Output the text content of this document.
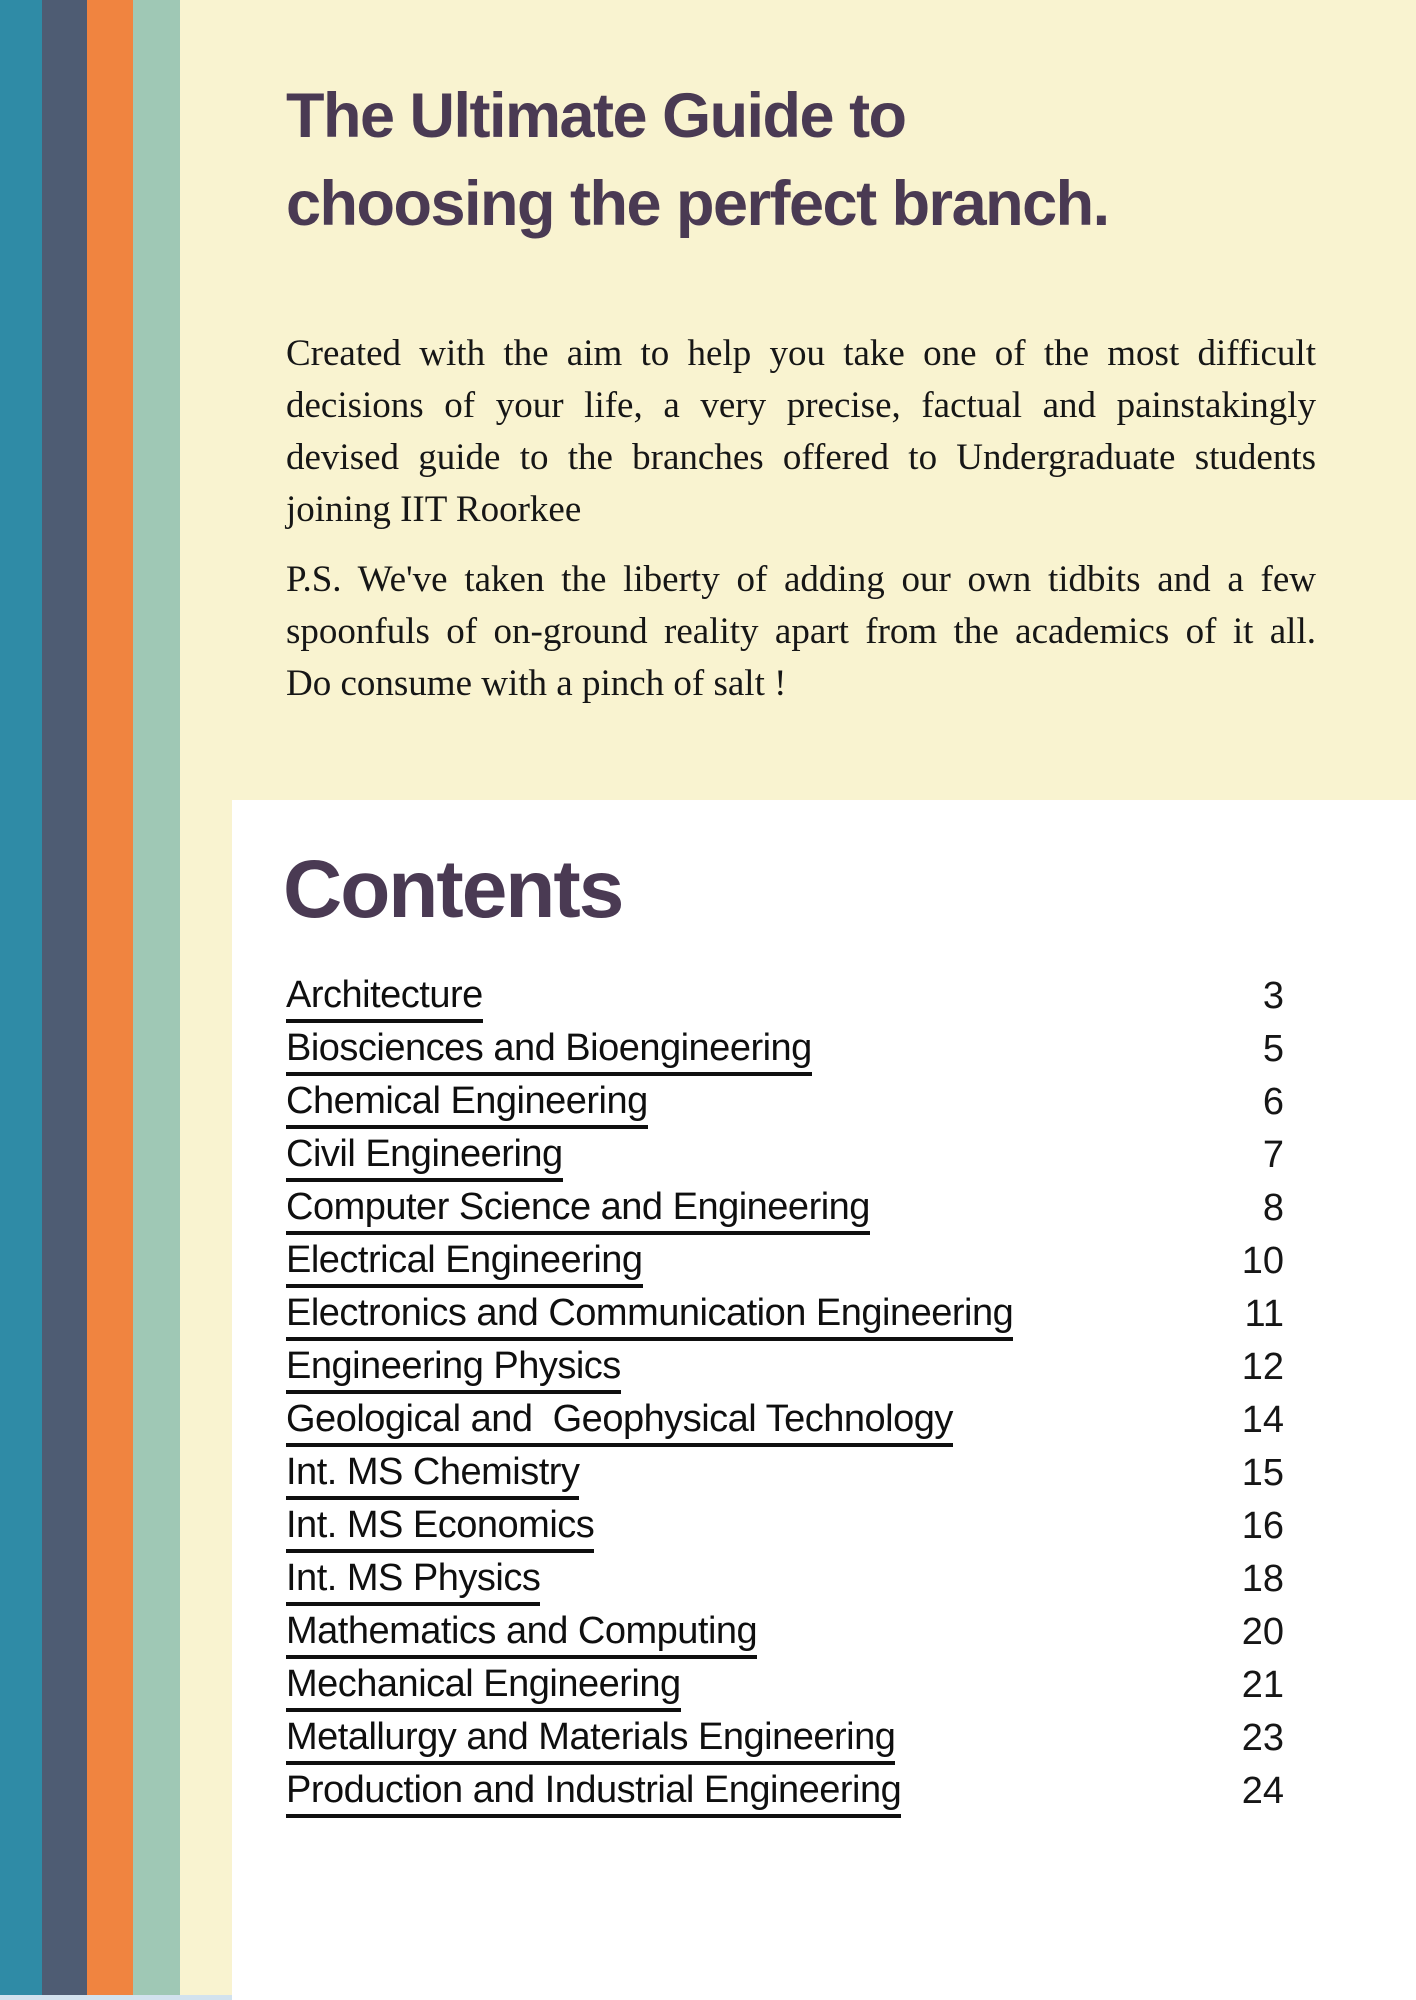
The Ultimate Guide to
choosing the perfect branch.
Created with the aim to help you take one of the most difficult
decisions of your life, a very precise, factual and painstakingly
devised guide to the branches offered to Undergraduate students
joining IIT Roorkee
P.S. We've taken the liberty of adding our own tidbits and a few
spoonfuls of on-ground reality apart from the academics of it all.
Do consume with a pinch of salt !
Contents
Architecture	3
Biosciences and Bioengineering	5
Chemical Engineering	6
Civil Engineering	7
Computer Science and Engineering	8
Electrical Engineering	10
Electronics and Communication Engineering	11
Engineering Physics	12
Geological and  Geophysical Technology	14
Int. MS Chemistry	15
Int. MS Economics	16
Int. MS Physics	18
Mathematics and Computing	20
Mechanical Engineering	21
Metallurgy and Materials Engineering	23
Production and Industrial Engineering	24
